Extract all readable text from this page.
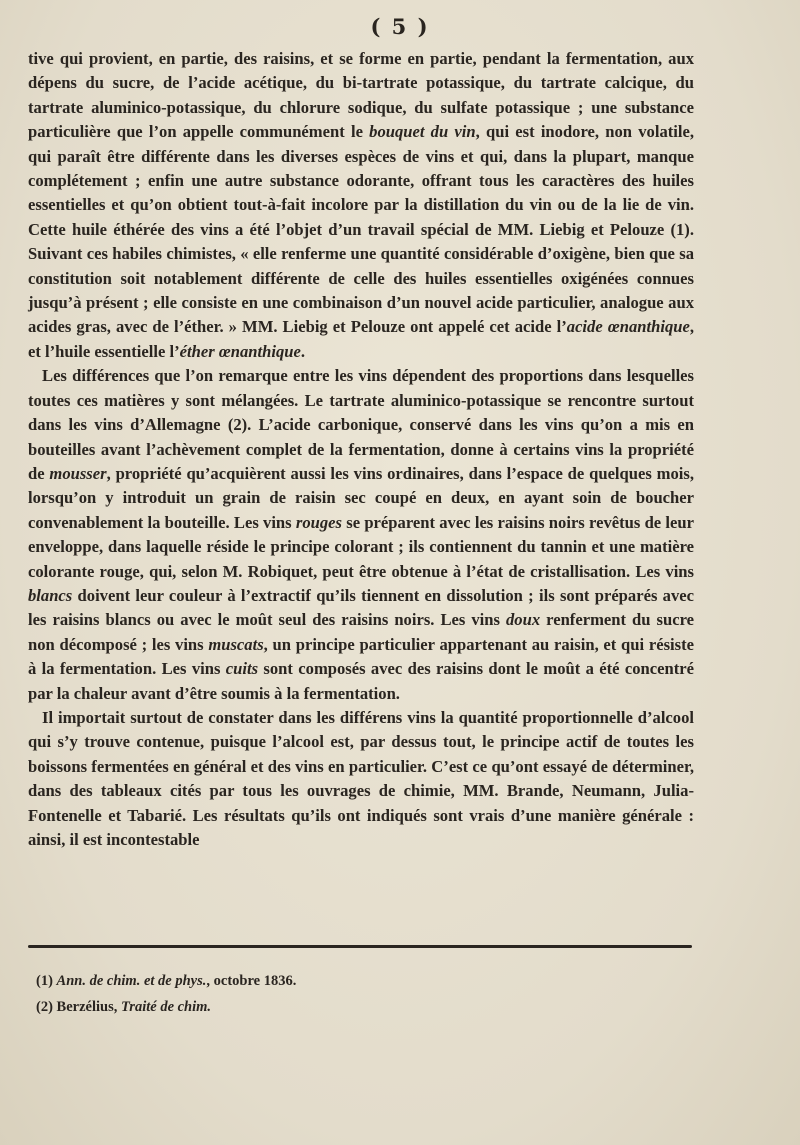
( 5 )

tive qui provient, en partie, des raisins, et se forme en partie, pendant la fermentation, aux dépens du sucre, de l’acide acétique, du bi-tartrate potassique, du tartrate calcique, du tartrate aluminico-potassique, du chlorure sodique, du sulfate potassique ; une substance particulière que l’on appelle communément le bouquet du vin, qui est inodore, non volatile, qui paraît être différente dans les diverses espèces de vins et qui, dans la plupart, manque complétement ; enfin une autre substance odorante, offrant tous les caractères des huiles essentielles et qu’on obtient tout-à-fait incolore par la distillation du vin ou de la lie de vin. Cette huile éthérée des vins a été l’objet d’un travail spécial de MM. Liebig et Pelouze (1). Suivant ces habiles chimistes, « elle renferme une quantité considérable d’oxigène, bien que sa constitution soit notablement différente de celle des huiles essentielles oxigénées connues jusqu’à présent ; elle consiste en une combinaison d’un nouvel acide particulier, analogue aux acides gras, avec de l’éther. » MM. Liebig et Pelouze ont appelé cet acide l’acide œnanthique, et l’huile essentielle l’éther œnanthique.

Les différences que l’on remarque entre les vins dépendent des proportions dans lesquelles toutes ces matières y sont mélangées. Le tartrate aluminico-potassique se rencontre surtout dans les vins d’Allemagne (2). L’acide carbonique, conservé dans les vins qu’on a mis en bouteilles avant l’achèvement complet de la fermentation, donne à certains vins la propriété de mousser, propriété qu’acquièrent aussi les vins ordinaires, dans l’espace de quelques mois, lorsqu’on y introduit un grain de raisin sec coupé en deux, en ayant soin de boucher convenablement la bouteille. Les vins rouges se préparent avec les raisins noirs revêtus de leur enveloppe, dans laquelle réside le principe colorant ; ils contiennent du tannin et une matière colorante rouge, qui, selon M. Robiquet, peut être obtenue à l’état de cristallisation. Les vins blancs doivent leur couleur à l’extractif qu’ils tiennent en dissolution ; ils sont préparés avec les raisins blancs ou avec le moût seul des raisins noirs. Les vins doux renferment du sucre non décomposé ; les vins muscats, un principe particulier appartenant au raisin, et qui résiste à la fermentation. Les vins cuits sont composés avec des raisins dont le moût a été concentré par la chaleur avant d’être soumis à la fermentation.

Il importait surtout de constater dans les différens vins la quantité proportionnelle d’alcool qui s’y trouve contenue, puisque l’alcool est, par dessus tout, le principe actif de toutes les boissons fermentées en général et des vins en particulier. C’est ce qu’ont essayé de déterminer, dans des tableaux cités par tous les ouvrages de chimie, MM. Brande, Neumann, Julia-Fontenelle et Tabarié. Les résultats qu’ils ont indiqués sont vrais d’une manière générale : ainsi, il est incontestable

(1) Ann. de chim. et de phys., octobre 1836.

(2) Berzélius, Traité de chim.
